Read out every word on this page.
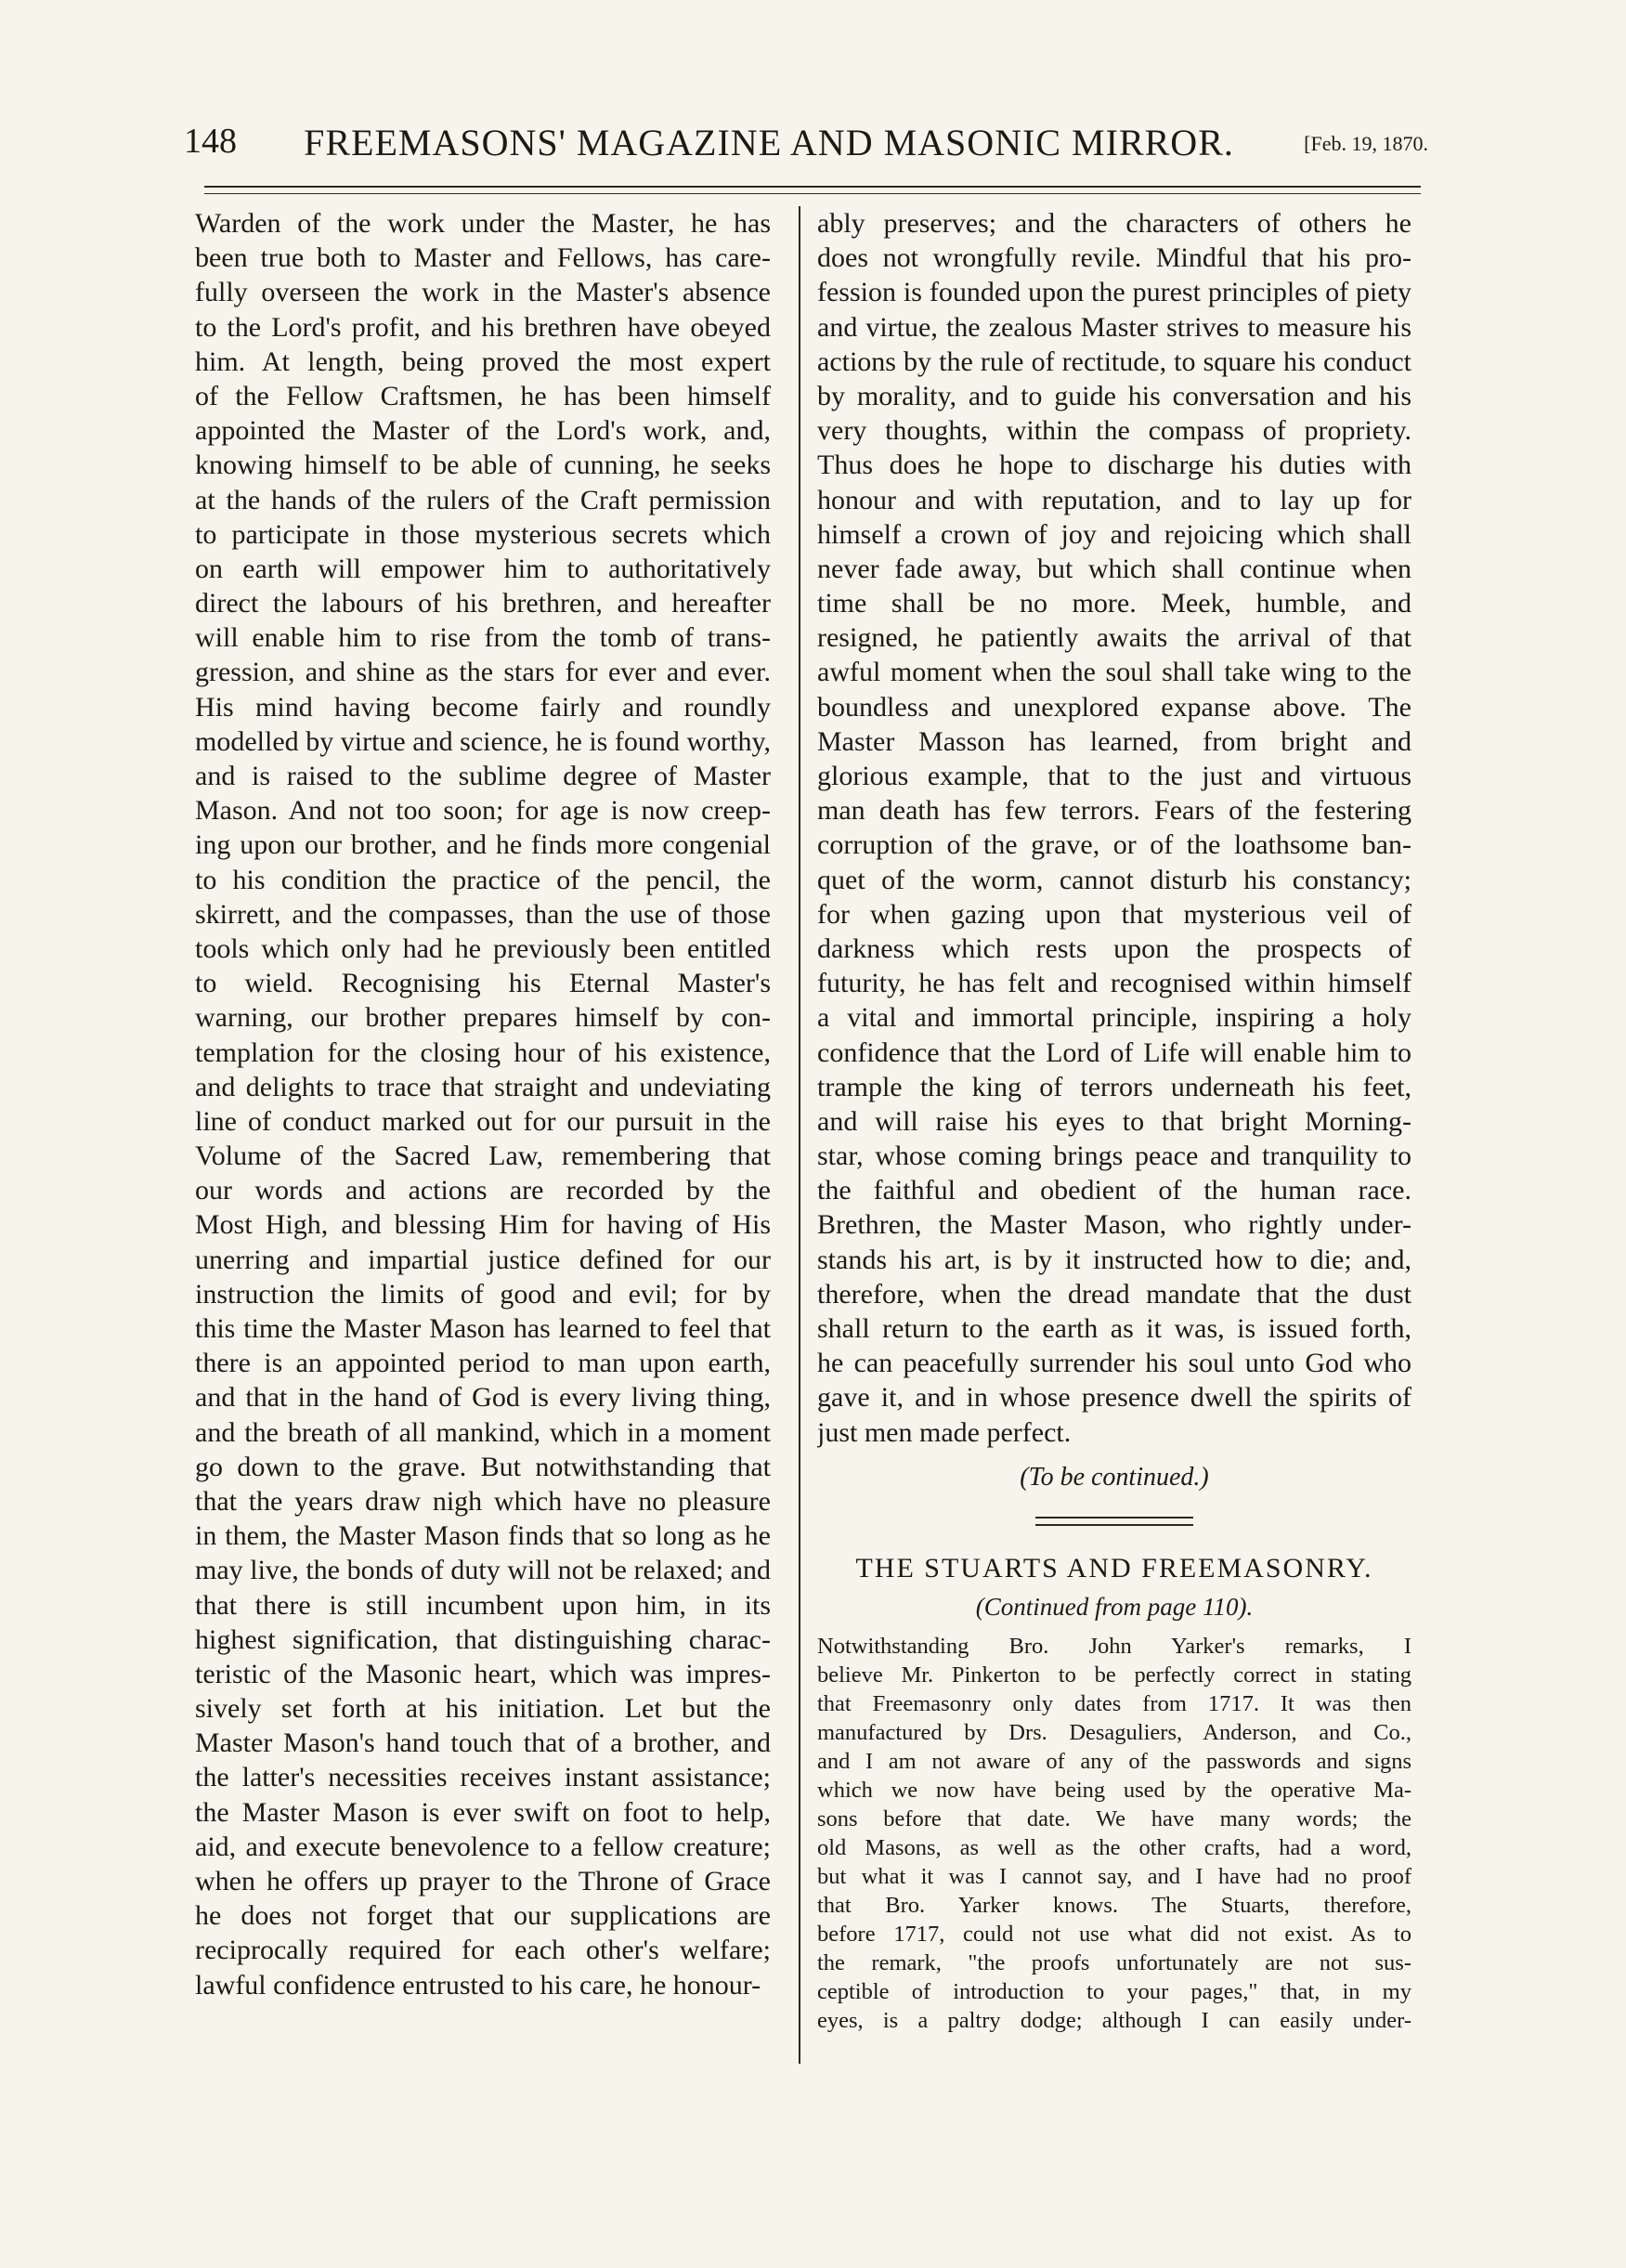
148 FREEMASONS' MAGAZINE AND MASONIC MIRROR.	[Feb. 19, 1870.
Warden of the work under the Master, he has
been true both to Master and Fellows, has care-
fully overseen the work in the Master's absence
to the Lord's profit, and his brethren have obeyed
him. At length, being proved the most expert
of the Fellow Craftsmen, he has been himself
appointed the Master of the Lord's work, and,
knowing himself to be able of cunning, he seeks
at the hands of the rulers of the Craft permission
to participate in those mysterious secrets which
on earth will empower him to authoritatively
direct the labours of his brethren, and hereafter
will enable him to rise from the tomb of trans-
gression, and shine as the stars for ever and ever.
His mind having become fairly and roundly
modelled by virtue and science, he is found worthy,
and is raised to the sublime degree of Master
Mason. And not too soon; for age is now creep-
ing upon our brother, and he finds more congenial
to his condition the practice of the pencil, the
skirrett, and the compasses, than the use of those
tools which only had he previously been entitled
to wield. Recognising his Eternal Master's
warning, our brother prepares himself by con-
templation for the closing hour of his existence,
and delights to trace that straight and undeviating
line of conduct marked out for our pursuit in the
Volume of the Sacred Law, remembering that
our words and actions are recorded by the
Most High, and blessing Him for having of His
unerring and impartial justice defined for our
instruction the limits of good and evil; for by
this time the Master Mason has learned to feel that
there is an appointed period to man upon earth,
and that in the hand of God is every living thing,
and the breath of all mankind, which in a moment
go down to the grave. But notwithstanding that
that the years draw nigh which have no pleasure
in them, the Master Mason finds that so long as he
may live, the bonds of duty will not be relaxed; and
that there is still incumbent upon him, in its
highest signification, that distinguishing charac-
teristic of the Masonic heart, which was impres-
sively set forth at his initiation. Let but the
Master Mason's hand touch that of a brother, and
the latter's necessities receives instant assistance;
the Master Mason is ever swift on foot to help,
aid, and execute benevolence to a fellow creature;
when he offers up prayer to the Throne of Grace
he does not forget that our supplications are
reciprocally required for each other's welfare;
lawful confidence entrusted to his care, he honour-
ably preserves; and the characters of others he
does not wrongfully revile. Mindful that his pro-
fession is founded upon the purest principles of piety
and virtue, the zealous Master strives to measure his
actions by the rule of rectitude, to square his conduct
by morality, and to guide his conversation and his
very thoughts, within the compass of propriety.
Thus does he hope to discharge his duties with
honour and with reputation, and to lay up for
himself a crown of joy and rejoicing which shall
never fade away, but which shall continue when
time shall be no more. Meek, humble, and
resigned, he patiently awaits the arrival of that
awful moment when the soul shall take wing to the
boundless and unexplored expanse above. The
Master Masson has learned, from bright and
glorious example, that to the just and virtuous
man death has few terrors. Fears of the festering
corruption of the grave, or of the loathsome ban-
quet of the worm, cannot disturb his constancy;
for when gazing upon that mysterious veil of
darkness which rests upon the prospects of
futurity, he has felt and recognised within himself
a vital and immortal principle, inspiring a holy
confidence that the Lord of Life will enable him to
trample the king of terrors underneath his feet,
and will raise his eyes to that bright Morning-
star, whose coming brings peace and tranquility to
the faithful and obedient of the human race.
Brethren, the Master Mason, who rightly under-
stands his art, is by it instructed how to die; and,
therefore, when the dread mandate that the dust
shall return to the earth as it was, is issued forth,
he can peacefully surrender his soul unto God who
gave it, and in whose presence dwell the spirits of
just men made perfect.
(To be continued.)
THE STUARTS AND FREEMASONRY.
(Continued from page 110).
Notwithstanding Bro. John Yarker's remarks, I
believe Mr. Pinkerton to be perfectly correct in stating
that Freemasonry only dates from 1717. It was then
manufactured by Drs. Desaguliers, Anderson, and Co.,
and I am not aware of any of the passwords and signs
which we now have being used by the operative Ma-
sons before that date. We have many words; the
old Masons, as well as the other crafts, had a word,
but what it was I cannot say, and I have had no proof
that Bro. Yarker knows. The Stuarts, therefore,
before 1717, could not use what did not exist. As to
the remark, "the proofs unfortunately are not sus-
ceptible of introduction to your pages," that, in my
eyes, is a paltry dodge; although I can easily under-
